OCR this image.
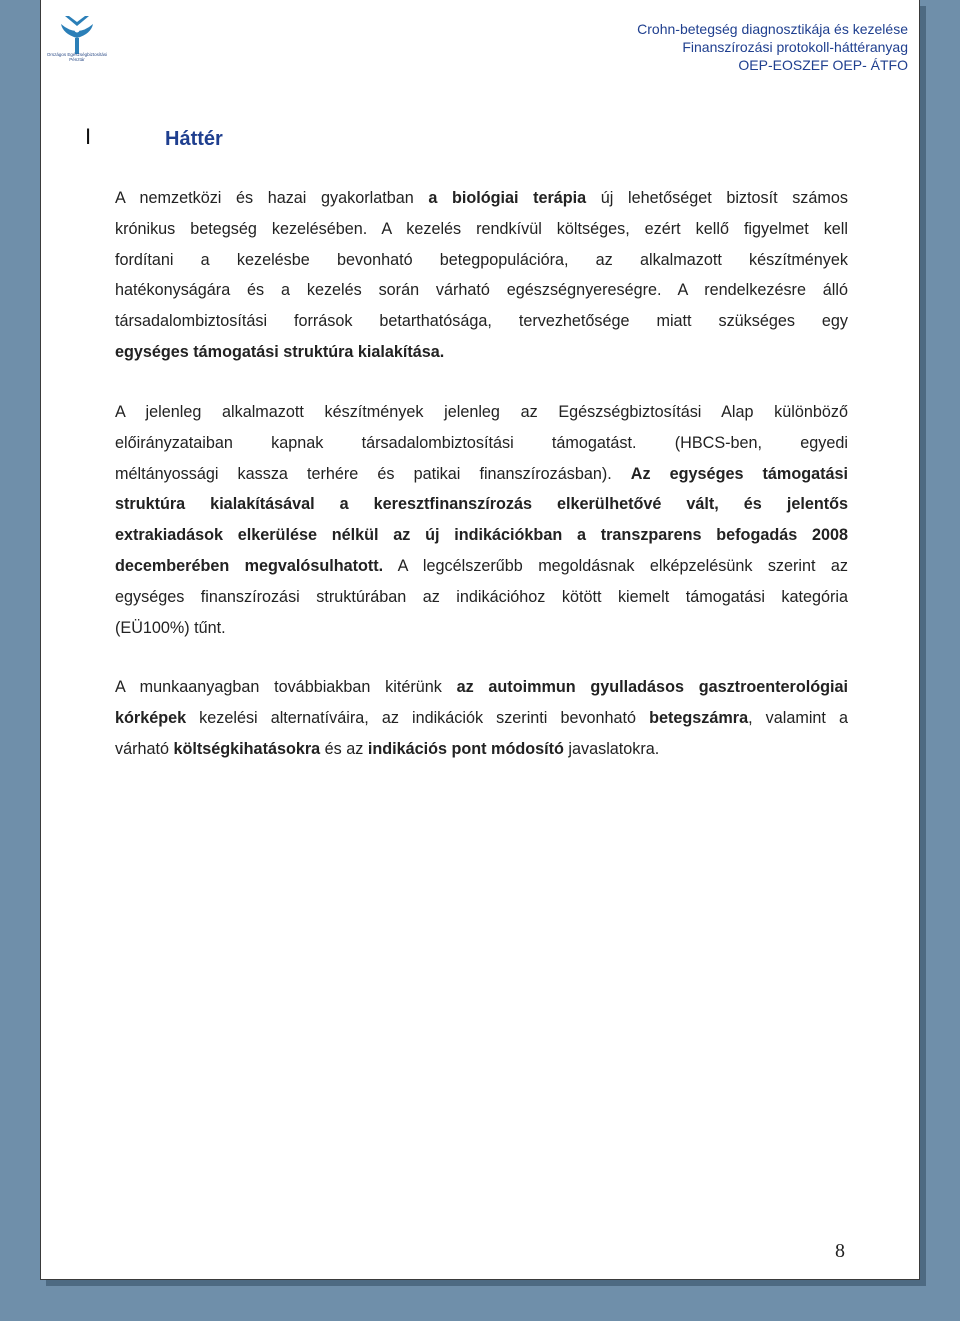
Országos Egészségbiztosítási
Pénztár
Crohn-betegség diagnosztikája és kezelése
Finanszírozási protokoll-háttéranyag
OEP-EOSZEF OEP- ÁTFO
I	Háttér
A nemzetközi és hazai gyakorlatban a biológiai terápia új lehetőséget biztosít számos
krónikus betegség kezelésében. A kezelés rendkívül költséges, ezért kellő figyelmet kell
fordítani a kezelésbe bevonható betegpopulációra, az alkalmazott készítmények
hatékonyságára és a kezelés során várható egészségnyereségre. A rendelkezésre álló
társadalombiztosítási források betarthatósága, tervezhetősége miatt szükséges egy
egységes támogatási struktúra kialakítása.
A jelenleg alkalmazott készítmények jelenleg az Egészségbiztosítási Alap különböző
előirányzataiban kapnak társadalombiztosítási támogatást. (HBCS-ben, egyedi
méltányossági kassza terhére és patikai finanszírozásban). Az egységes támogatási
struktúra kialakításával a keresztfinanszírozás elkerülhetővé vált, és jelentős
extrakiadások elkerülése nélkül az új indikációkban a transzparens befogadás 2008
decemberében megvalósulhatott. A legcélszerűbb megoldásnak elképzelésünk szerint az
egységes finanszírozási struktúrában az indikációhoz kötött kiemelt támogatási kategória
(EÜ100%) tűnt.
A munkaanyagban továbbiakban kitérünk az autoimmun gyulladásos gasztroenterológiai
kórképek kezelési alternatíváira, az indikációk szerinti bevonható betegszámra, valamint a
várható költségkihatásokra és az indikációs pont módosító javaslatokra.
8
